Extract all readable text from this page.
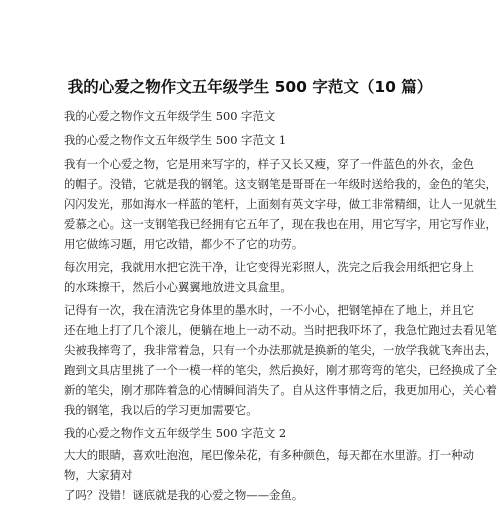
我的心爱之物作文五年级学生 500 字范文（10 篇）
我的心爱之物作文五年级学生 500 字范文
我的心爱之物作文五年级学生 500 字范文 1
我有一个心爱之物，它是用来写字的，样子又长又瘦，穿了一件蓝色的外衣，金色
的帽子。没错，它就是我的钢笔。这支钢笔是哥哥在一年级时送给我的，金色的笔尖，
闪闪发光，那如海水一样蓝的笔杆，上面刻有英文字母，做工非常精细，让人一见就生
爱慕之心。这一支钢笔我已经拥有它五年了，现在我也在用，用它写字，用它写作业，
用它做练习题，用它改错，都少不了它的功劳。
每次用完，我就用水把它洗干净，让它变得光彩照人，洗完之后我会用纸把它身上
的水珠擦干，然后小心翼翼地放进文具盒里。
记得有一次，我在清洗它身体里的墨水时，一不小心，把钢笔掉在了地上，并且它
还在地上打了几个滚儿，便躺在地上一动不动。当时把我吓坏了，我急忙跑过去看见笔
尖被我摔弯了，我非常着急，只有一个办法那就是换新的笔尖，一放学我就飞奔出去，
跑到文具店里挑了一个一模一样的笔尖，然后换好，刚才那弯弯的笔尖，已经换成了全
新的笔尖，刚才那阵着急的心情瞬间消失了。自从这件事情之后，我更加用心，关心着
我的钢笔，我以后的学习更加需要它。
我的心爱之物作文五年级学生 500 字范文 2
大大的眼睛，喜欢吐泡泡，尾巴像朵花，有多种颜色，每天都在水里游。打一种动
物，大家猜对
了吗？没错！谜底就是我的心爱之物——金鱼。
